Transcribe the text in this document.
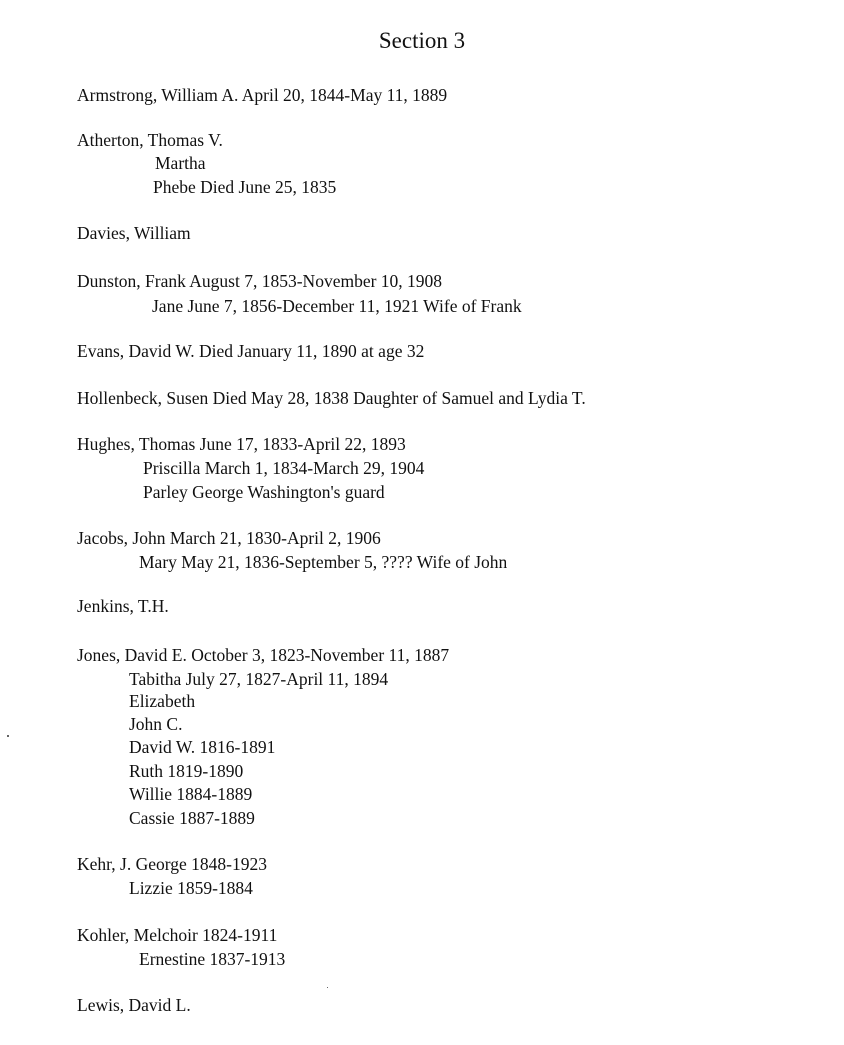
Section 3
Armstrong, William A. April 20, 1844-May 11, 1889
Atherton, Thomas V.
Martha
Phebe Died June 25, 1835
Davies, William
Dunston, Frank August 7, 1853-November 10, 1908
Jane June 7, 1856-December 11, 1921 Wife of Frank
Evans, David W. Died January 11, 1890 at age 32
Hollenbeck, Susen Died May 28, 1838 Daughter of Samuel and Lydia T.
Hughes, Thomas June 17, 1833-April 22, 1893
Priscilla March 1, 1834-March 29, 1904
Parley George Washington's guard
Jacobs, John March 21, 1830-April 2, 1906
Mary May 21, 1836-September 5, ???? Wife of John
Jenkins, T.H.
Jones, David E. October 3, 1823-November 11, 1887
Tabitha July 27, 1827-April 11, 1894
Elizabeth
John C.
David W. 1816-1891
Ruth 1819-1890
Willie 1884-1889
Cassie 1887-1889
Kehr, J. George 1848-1923
Lizzie 1859-1884
Kohler, Melchoir 1824-1911
Ernestine 1837-1913
Lewis, David L.
